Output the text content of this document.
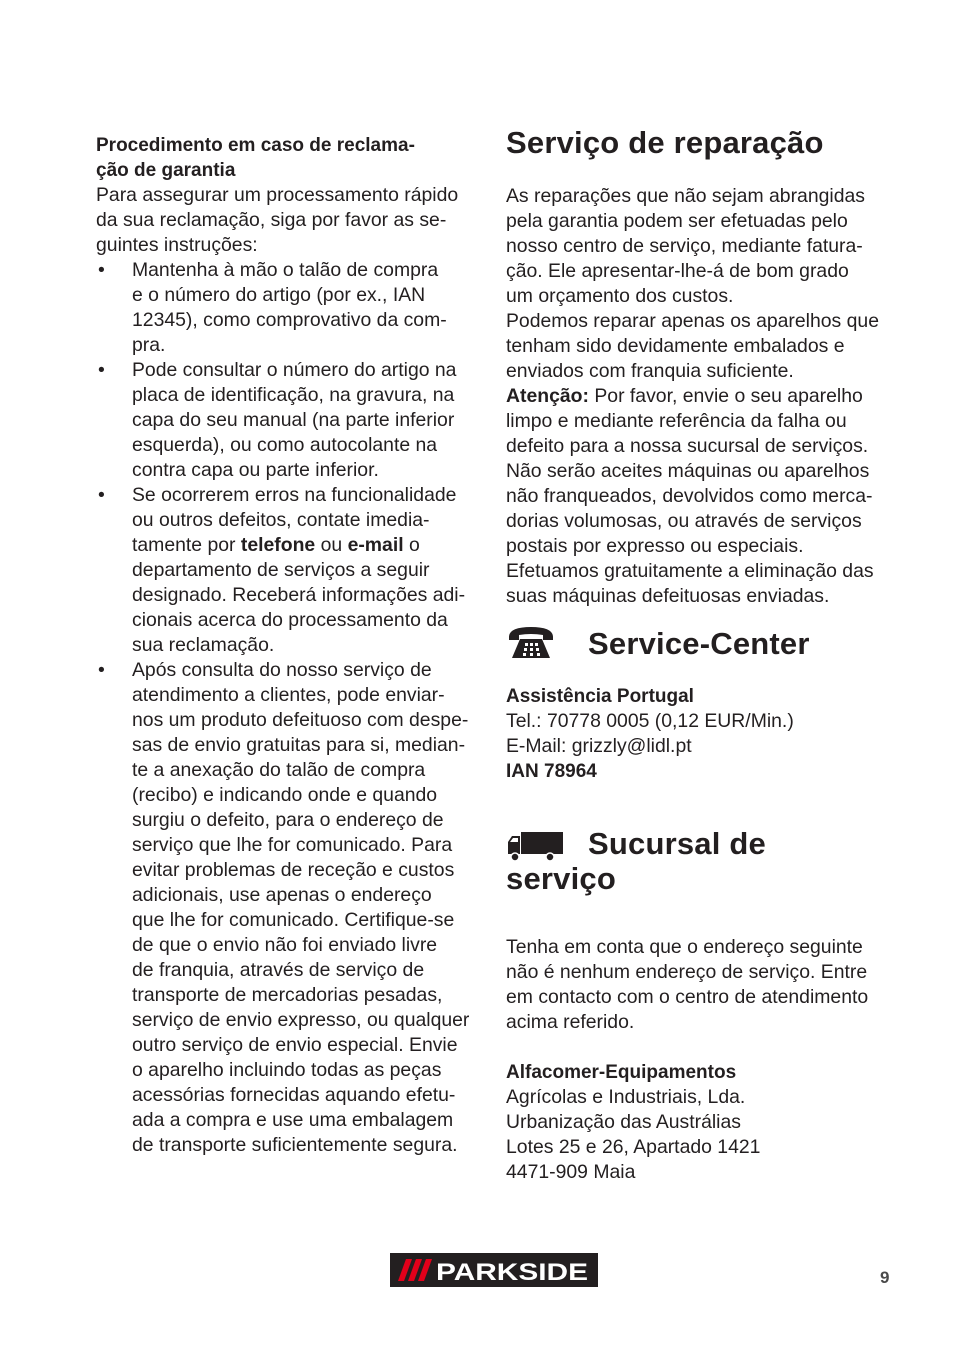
Procedimento em caso de reclama-
ção de garantia
Para assegurar um processamento rápido
da sua reclamação, siga por favor as se-
guintes instruções:
• Mantenha à mão o talão de compra
e o número do artigo (por ex., IAN
12345), como comprovativo da com-
pra.
• Pode consultar o número do artigo na
placa de identificação, na gravura, na
capa do seu manual (na parte inferior
esquerda), ou como autocolante na
contra capa ou parte inferior.
• Se ocorrerem erros na funcionalidade
ou outros defeitos, contate imedia-
tamente por telefone ou e-mail o
departamento de serviços a seguir
designado. Receberá informações adi-
cionais acerca do processamento da
sua reclamação.
• Após consulta do nosso serviço de
atendimento a clientes, pode enviar-
nos um produto defeituoso com despe-
sas de envio gratuitas para si, median-
te a anexação do talão de compra
(recibo) e indicando onde e quando
surgiu o defeito, para o endereço de
serviço que lhe for comunicado. Para
evitar problemas de receção e custos
adicionais, use apenas o endereço
que lhe for comunicado. Certifique-se
de que o envio não foi enviado livre
de franquia, através de serviço de
transporte de mercadorias pesadas,
serviço de envio expresso, ou qualquer
outro serviço de envio especial. Envie
o aparelho incluindo todas as peças
acessórias fornecidas aquando efetu-
ada a compra e use uma embalagem
de transporte suficientemente segura.
Serviço de reparação
As reparações que não sejam abrangidas
pela garantia podem ser efetuadas pelo
nosso centro de serviço, mediante fatura-
ção. Ele apresentar-lhe-á de bom grado
um orçamento dos custos.
Podemos reparar apenas os aparelhos que
tenham sido devidamente embalados e
enviados com franquia suficiente.
Atenção: Por favor, envie o seu aparelho
limpo e mediante referência da falha ou
defeito para a nossa sucursal de serviços.
Não serão aceites máquinas ou aparelhos
não franqueados, devolvidos como merca-
dorias volumosas, ou através de serviços
postais por expresso ou especiais.
Efetuamos gratuitamente a eliminação das
suas máquinas defeituosas enviadas.
Service-Center
Assistência Portugal
Tel.: 70778 0005 (0,12 EUR/Min.)
E-Mail: grizzly@lidl.pt
IAN 78964
Sucursal de
serviço
Tenha em conta que o endereço seguinte
não é nenhum endereço de serviço. Entre
em contacto com o centro de atendimento
acima referido.
Alfacomer-Equipamentos
Agrícolas e Industriais, Lda.
Urbanização das Austrálias
Lotes 25 e 26, Apartado 1421
4471-909 Maia
PARKSIDE	9
